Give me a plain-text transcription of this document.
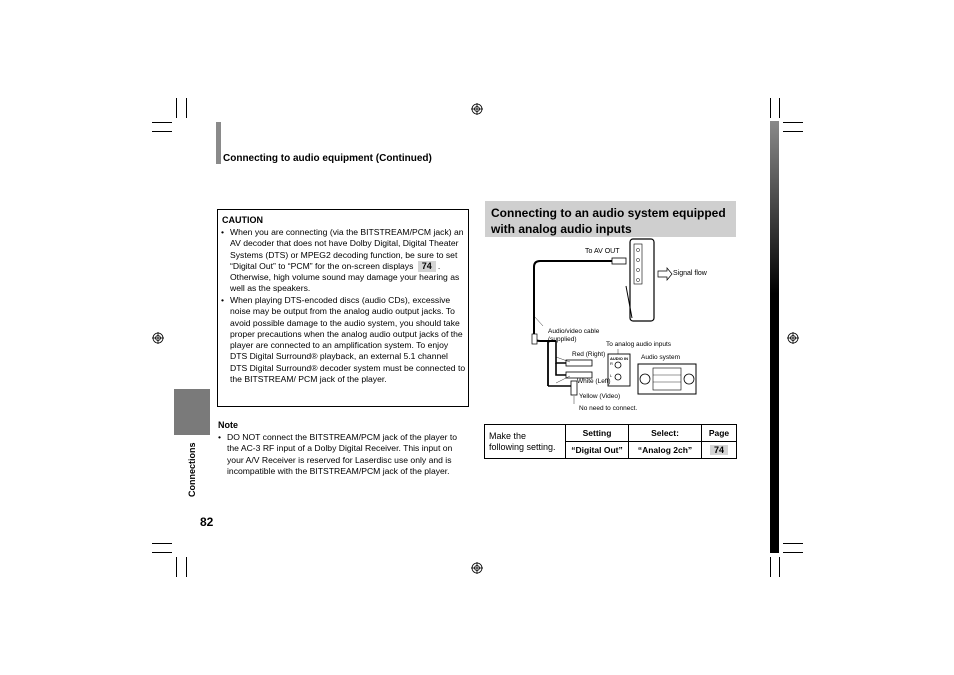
Connections
82
Connecting to audio equipment (Continued)
CAUTION
• When you are connecting (via the BITSTREAM/PCM jack) an AV decoder that does not have Dolby Digital, Digital Theater Systems (DTS) or MPEG2 decoding function, be sure to set “Digital Out” to “PCM” for the on-screen displays 74 . Otherwise, high volume sound may damage your hearing as well as the speakers.
• When playing DTS-encoded discs (audio CDs), excessive noise may be output from the analog audio output jacks. To avoid possible damage to the audio system, you should take proper precautions when the analog audio output jacks of the player are connected to an amplification system. To enjoy DTS Digital Surround® playback, an external 5.1 channel DTS Digital Surround® decoder system must be connected to the BITSTREAM/ PCM jack of the player.
Note
• DO NOT connect the BITSTREAM/PCM jack of the player to the AC-3 RF input of a Dolby Digital Receiver. This input on your A/V Receiver is reserved for Laserdisc use only and is incompatible with the BITSTREAM/PCM jack of the player.
Connecting to an audio system equipped with analog audio inputs
To AV OUT
Signal flow
Audio/video cable (supplied)
To analog audio inputs
Audio system
Red (Right)
White (Left)
Yellow (Video)
No need to connect.
AUDIO IN
R
L
Make the following setting.	Setting	Select:	Page
	“Digital Out”	“Analog 2ch”	74
